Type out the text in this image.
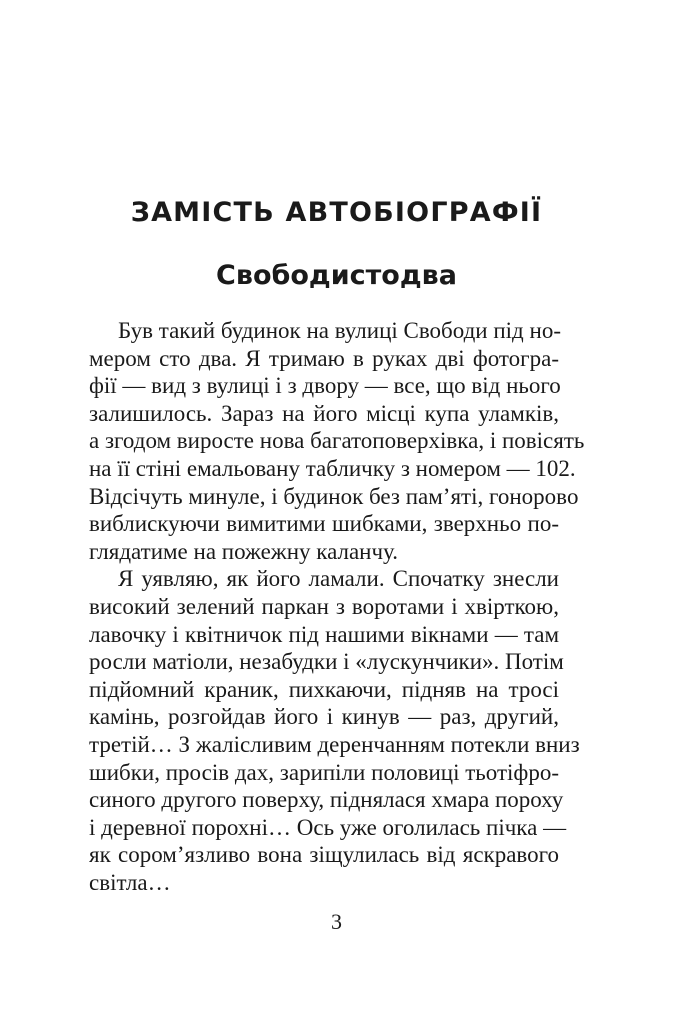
ЗАМІСТЬ АВТОБІОГРАФІЇ
Свободистодва
Був такий будинок на вулиці Свободи під но-
мером сто два. Я тримаю в руках дві фотогра-
фії — вид з вулиці і з двору — все, що від нього
залишилось. Зараз на його місці купа уламків,
а згодом виросте нова багатоповерхівка, і повісять
на її стіні емальовану табличку з номером — 102.
Відсічуть минуле, і будинок без пам’яті, гоноровo
виблискуючи вимитими шибками, зверхньо по-
глядатиме на пожежну каланчу.
Я уявляю, як його ламали. Спочатку знесли
високий зелений паркан з воротами і хвірткою,
лавочку і квітничок під нашими вікнами — там
росли матіоли, незабудки і «лускунчики». Потім
підйомний краник, пихкаючи, підняв на тросі
камінь, розгойдав його і кинув — раз, другий,
третій… З жалісливим деренчанням потекли вниз
шибки, просів дах, зарипіли половиці тьотіфро-
синого другого поверху, піднялася хмара пороху
і деревної порохні… Ось уже оголилась пічка —
як сором’язливо вона зіщулилась від яскравого
світла…
3
